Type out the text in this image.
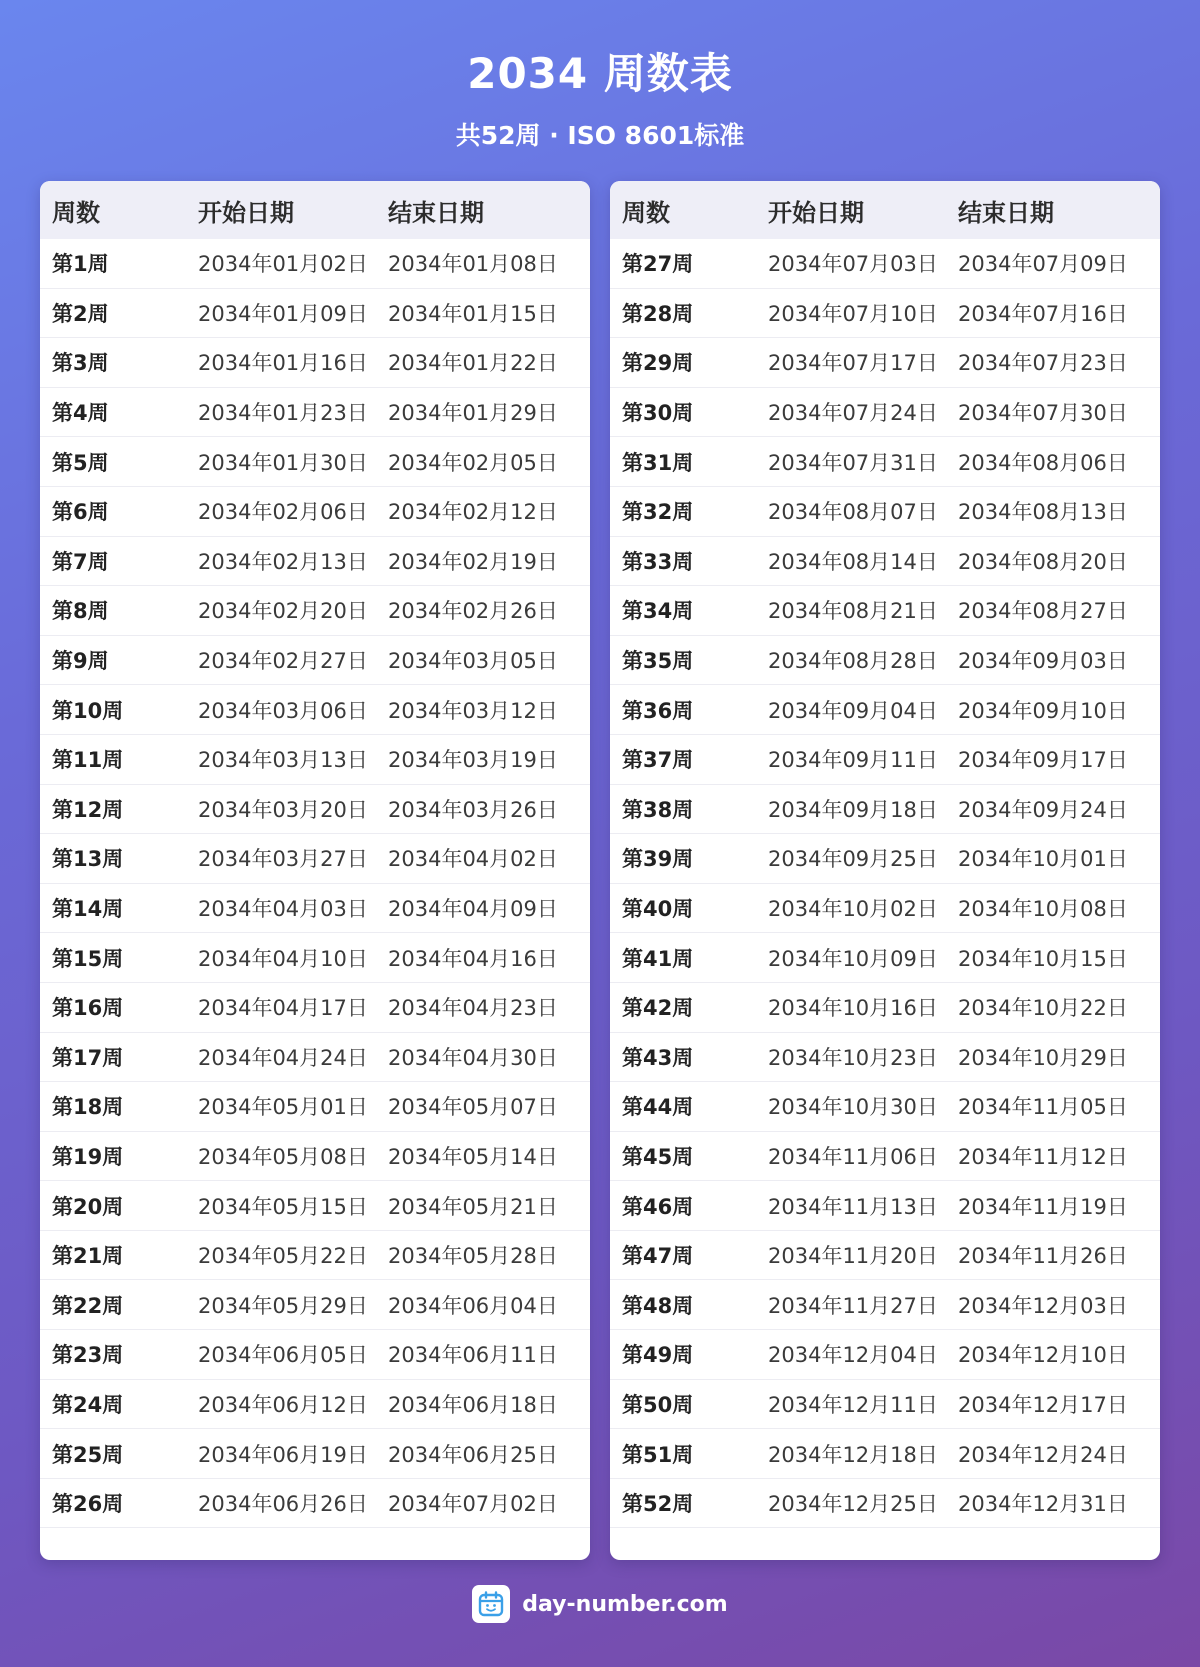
2034 周数表
共52周 · ISO 8601标准
周数	开始日期	结束日期
第1周	2034年01月02日	2034年01月08日
第2周	2034年01月09日	2034年01月15日
第3周	2034年01月16日	2034年01月22日
第4周	2034年01月23日	2034年01月29日
第5周	2034年01月30日	2034年02月05日
第6周	2034年02月06日	2034年02月12日
第7周	2034年02月13日	2034年02月19日
第8周	2034年02月20日	2034年02月26日
第9周	2034年02月27日	2034年03月05日
第10周	2034年03月06日	2034年03月12日
第11周	2034年03月13日	2034年03月19日
第12周	2034年03月20日	2034年03月26日
第13周	2034年03月27日	2034年04月02日
第14周	2034年04月03日	2034年04月09日
第15周	2034年04月10日	2034年04月16日
第16周	2034年04月17日	2034年04月23日
第17周	2034年04月24日	2034年04月30日
第18周	2034年05月01日	2034年05月07日
第19周	2034年05月08日	2034年05月14日
第20周	2034年05月15日	2034年05月21日
第21周	2034年05月22日	2034年05月28日
第22周	2034年05月29日	2034年06月04日
第23周	2034年06月05日	2034年06月11日
第24周	2034年06月12日	2034年06月18日
第25周	2034年06月19日	2034年06月25日
第26周	2034年06月26日	2034年07月02日
周数	开始日期	结束日期
第27周	2034年07月03日	2034年07月09日
第28周	2034年07月10日	2034年07月16日
第29周	2034年07月17日	2034年07月23日
第30周	2034年07月24日	2034年07月30日
第31周	2034年07月31日	2034年08月06日
第32周	2034年08月07日	2034年08月13日
第33周	2034年08月14日	2034年08月20日
第34周	2034年08月21日	2034年08月27日
第35周	2034年08月28日	2034年09月03日
第36周	2034年09月04日	2034年09月10日
第37周	2034年09月11日	2034年09月17日
第38周	2034年09月18日	2034年09月24日
第39周	2034年09月25日	2034年10月01日
第40周	2034年10月02日	2034年10月08日
第41周	2034年10月09日	2034年10月15日
第42周	2034年10月16日	2034年10月22日
第43周	2034年10月23日	2034年10月29日
第44周	2034年10月30日	2034年11月05日
第45周	2034年11月06日	2034年11月12日
第46周	2034年11月13日	2034年11月19日
第47周	2034年11月20日	2034年11月26日
第48周	2034年11月27日	2034年12月03日
第49周	2034年12月04日	2034年12月10日
第50周	2034年12月11日	2034年12月17日
第51周	2034年12月18日	2034年12月24日
第52周	2034年12月25日	2034年12月31日
day-number.com
